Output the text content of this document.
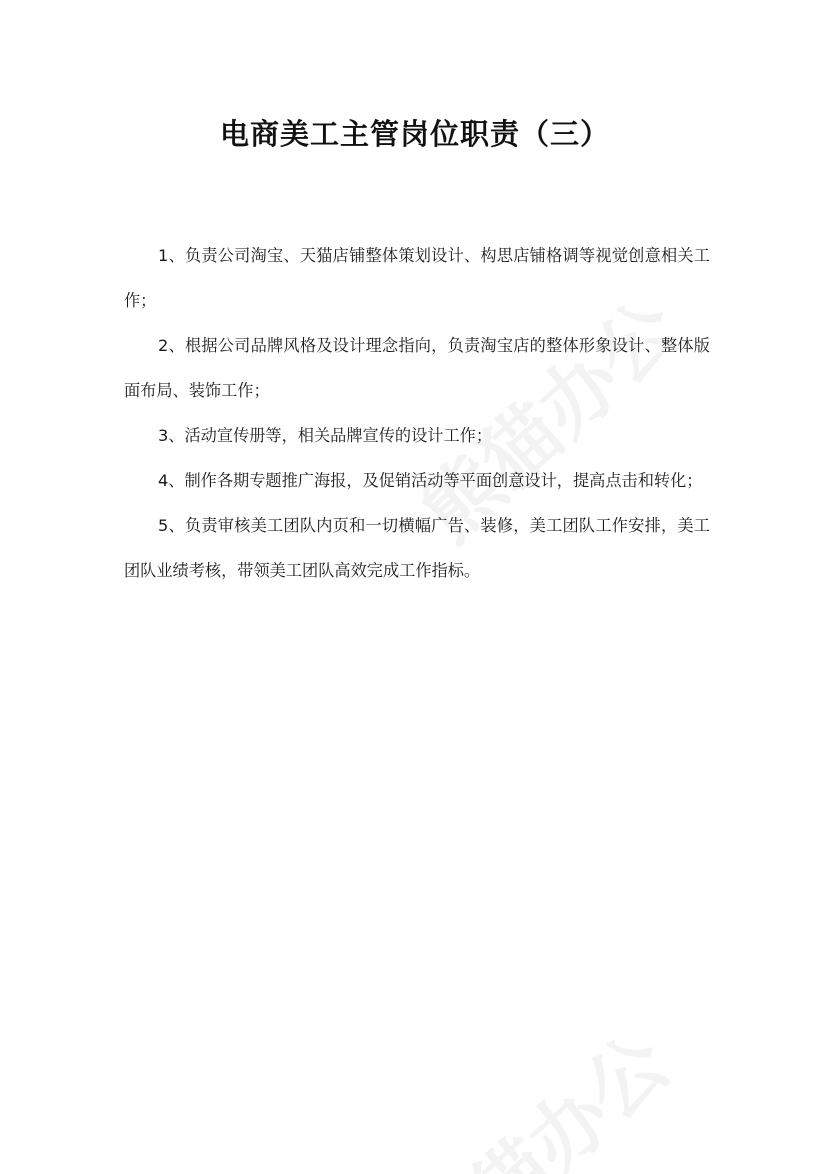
电商美工主管岗位职责（三）

1、负责公司淘宝、天猫店铺整体策划设计、构思店铺格调等视觉创意相关工作；

2、根据公司品牌风格及设计理念指向，负责淘宝店的整体形象设计、整体版面布局、装饰工作；

3、活动宣传册等，相关品牌宣传的设计工作；

4、制作各期专题推广海报，及促销活动等平面创意设计，提高点击和转化；

5、负责审核美工团队内页和一切横幅广告、装修，美工团队工作安排，美工团队业绩考核，带领美工团队高效完成工作指标。
